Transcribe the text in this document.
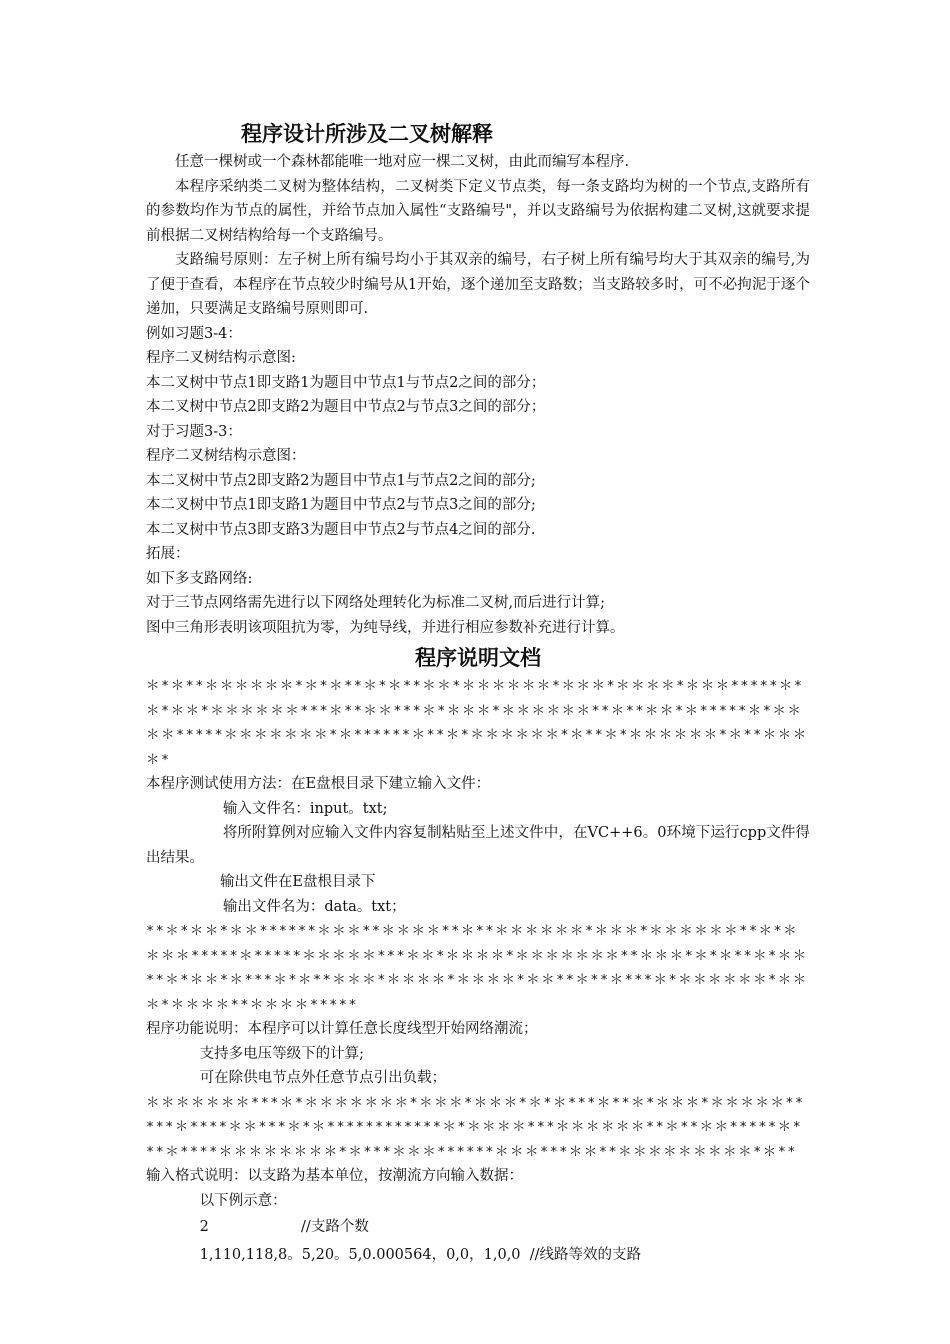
程序设计所涉及二叉树解释
任意一棵树或一个森林都能唯一地对应一棵二叉树，由此而编写本程序.
本程序采纳类二叉树为整体结构，二叉树类下定义节点类，每一条支路均为树的一个节点,支路所有的参数均作为节点的属性，并给节点加入属性“支路编号"，并以支路编号为依据构建二叉树,这就要求提前根据二叉树结构给每一个支路编号。
支路编号原则：左子树上所有编号均小于其双亲的编号，右子树上所有编号均大于其双亲的编号,为了便于查看，本程序在节点较少时编号从1开始，逐个递加至支路数；当支路较多时，可不必拘泥于逐个递加，只要满足支路编号原则即可.
例如习题3-4：
程序二叉树结构示意图:
本二叉树中节点1即支路1为题目中节点1与节点2之间的部分；
本二叉树中节点2即支路2为题目中节点2与节点3之间的部分；
对于习题3-3：
程序二叉树结构示意图：
本二叉树中节点2即支路2为题目中节点1与节点2之间的部分;
本二叉树中节点1即支路1为题目中节点2与节点3之间的部分;
本二叉树中节点3即支路3为题目中节点2与节点4之间的部分.
拓展：
如下多支路网络:
对于三节点网络需先进行以下网络处理转化为标准二叉树,而后进行计算;
图中三角形表明该项阻抗为零，为纯导线，并进行相应参数补充进行计算。
程序说明文档
＊*＊**＊＊＊＊＊＊*＊*＊**＊*＊**＊＊*＊＊＊＊＊＊*＊＊＊*＊＊＊＊*＊＊＊*****＊*＊*＊＊*＊＊＊＊＊＊***＊**＊＊***＊*＊＊＊*＊＊＊＊＊＊**＊**＊＊*＊*****＊*＊＊＊＊*****＊＊＊＊＊＊＊*＊******＊**＊*＊＊＊＊＊＊*＊**＊*＊＊＊＊＊＊*＊**＊＊＊＊*
本程序测试使用方法：在E盘根目录下建立输入文件：
输入文件名：input。txt;
将所附算例对应输入文件内容复制粘贴至上述文件中，在VC++6。0环境下运行cpp文件得出结果。
输出文件在E盘根目录下
输出文件名为：data。txt；
**＊*＊＊*＊＊******＊＊＊**＊＊＊＊**＊**＊＊＊＊＊＊*＊＊＊*＊＊＊＊＊＊**＊*＊＊＊＊*****＊*****＊＊＊＊＊***＊＊*＊＊＊＊*＊＊＊＊＊＊＊**＊＊＊*＊*＊**＊*＊＊**＊*＊＊*＊***＊*＊**＊＊＊*＊＊＊＊*＊＊＊＊*＊＊**＊**＊***＊*＊＊＊＊＊＊*＊＊＊*＊＊＊＊**＊＊＊＊*****
程序功能说明：本程序可以计算任意长度线型开始网络潮流；
支持多电压等级下的计算;
可在除供电节点外任意节点引出负载；
＊＊＊＊＊＊＊***＊*＊＊＊＊＊＊＊*＊＊＊*＊＊＊*＊*＊***＊**＊*＊＊＊*＊＊＊＊＊*****＊****＊＊***＊*＊************＊*＊＊＊＊***＊＊＊＊＊＊**＊**＊＊*****＊***＊****＊＊＊＊＊＊＊＊*＊***＊＊＊******＊＊＊***＊＊**＊＊＊＊＊＊＊＊＊*＊**
输入格式说明：以支路为基本单位，按潮流方向输入数据：
以下例示意：
2                    //支路个数
1,110,118,8。5,20。5,0.000564，0,0，1,0,0  //线路等效的支路
